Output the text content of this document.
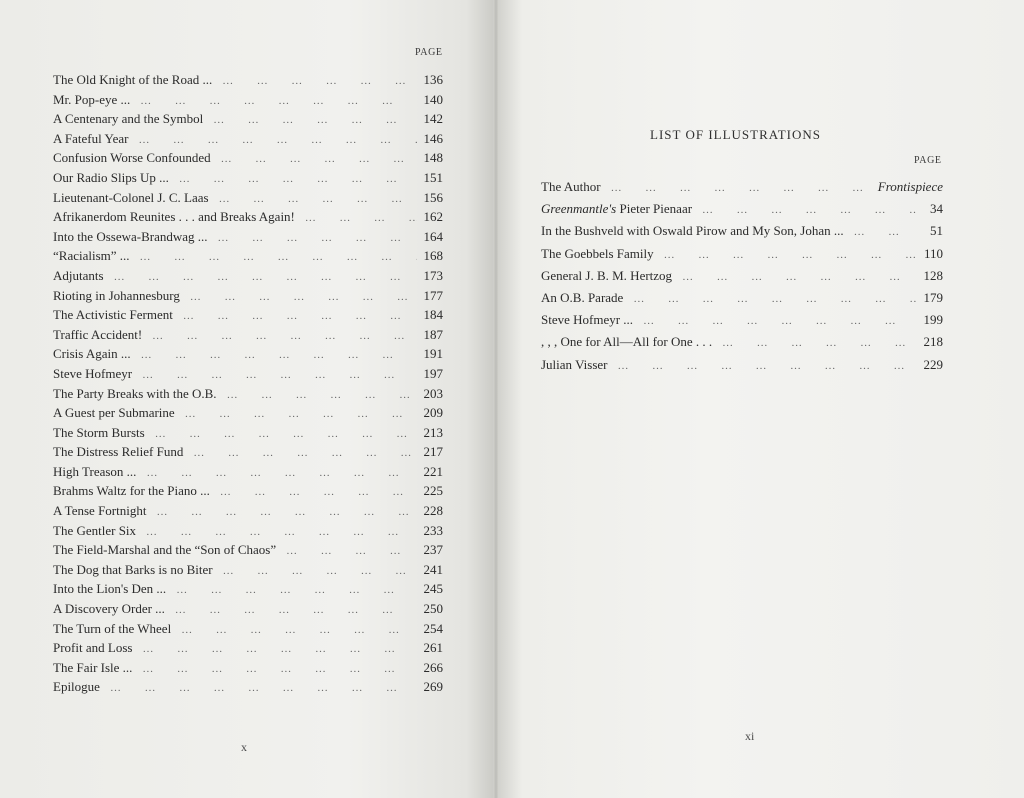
PAGE
The Old Knight of the Road ... … … … … … … … … … … … … … … … …	136
Mr. Pop-eye ... … … … … … … … … … … … … … … … …	140
A Centenary and the Symbol … … … … … … … … … … … … … … … …	142
A Fateful Year … … … … … … … … … … … … … … … …	146
Confusion Worse Confounded … … … … … … … … … … … … … … … …	148
Our Radio Slips Up ... … … … … … … … … … … … … … … … …	151
Lieutenant-Colonel J. C. Laas … … … … … … … … … … … … … … … …	156
Afrikanerdom Reunites . . . and Breaks Again! … … … … … … … … … … … … … … … …	162
Into the Ossewa-Brandwag ... … … … … … … … … … … … … … … … …	164
“Racialism” ... … … … … … … … … … … … … … … … …	168
Adjutants … … … … … … … … … … … … … … … …	173
Rioting in Johannesburg … … … … … … … … … … … … … … … …	177
The Activistic Ferment … … … … … … … … … … … … … … … …	184
Traffic Accident! … … … … … … … … … … … … … … … …	187
Crisis Again ... … … … … … … … … … … … … … … … …	191
Steve Hofmeyr … … … … … … … … … … … … … … … …	197
The Party Breaks with the O.B. … … … … … … … … … … … … … … … …	203
A Guest per Submarine … … … … … … … … … … … … … … … …	209
The Storm Bursts … … … … … … … … … … … … … … … …	213
The Distress Relief Fund … … … … … … … … … … … … … … … …	217
High Treason ... … … … … … … … … … … … … … … … …	221
Brahms Waltz for the Piano ... … … … … … … … … … … … … … … … …	225
A Tense Fortnight … … … … … … … … … … … … … … … …	228
The Gentler Six … … … … … … … … … … … … … … … …	233
The Field-Marshal and the “Son of Chaos” … … … … … … … … … … … … … … … …	237
The Dog that Barks is no Biter … … … … … … … … … … … … … … … …	241
Into the Lion's Den ... … … … … … … … … … … … … … … … …	245
A Discovery Order ... … … … … … … … … … … … … … … … …	250
The Turn of the Wheel … … … … … … … … … … … … … … … …	254
Profit and Loss … … … … … … … … … … … … … … … …	261
The Fair Isle ... … … … … … … … … … … … … … … … …	266
Epilogue … … … … … … … … … … … … … … … …	269
x
LIST OF ILLUSTRATIONS
PAGE
The Author … … … … … … … … … … … … … … … …	Frontispiece
Greenmantle's Pieter Pienaar … … … … … … … … … … … … … … … …	34
In the Bushveld with Oswald Pirow and My Son, Johan ... … … … … … … … … … … … … … … … …	51
The Goebbels Family … … … … … … … … … … … … … … … …	110
General J. B. M. Hertzog … … … … … … … … … … … … … … … …	128
An O.B. Parade … … … … … … … … … … … … … … … …	179
Steve Hofmeyr ... … … … … … … … … … … … … … … … …	199
, , , One for All—All for One . . . … … … … … … … … … … … … … … … …	218
Julian Visser … … … … … … … … … … … … … … … …	229
xi
